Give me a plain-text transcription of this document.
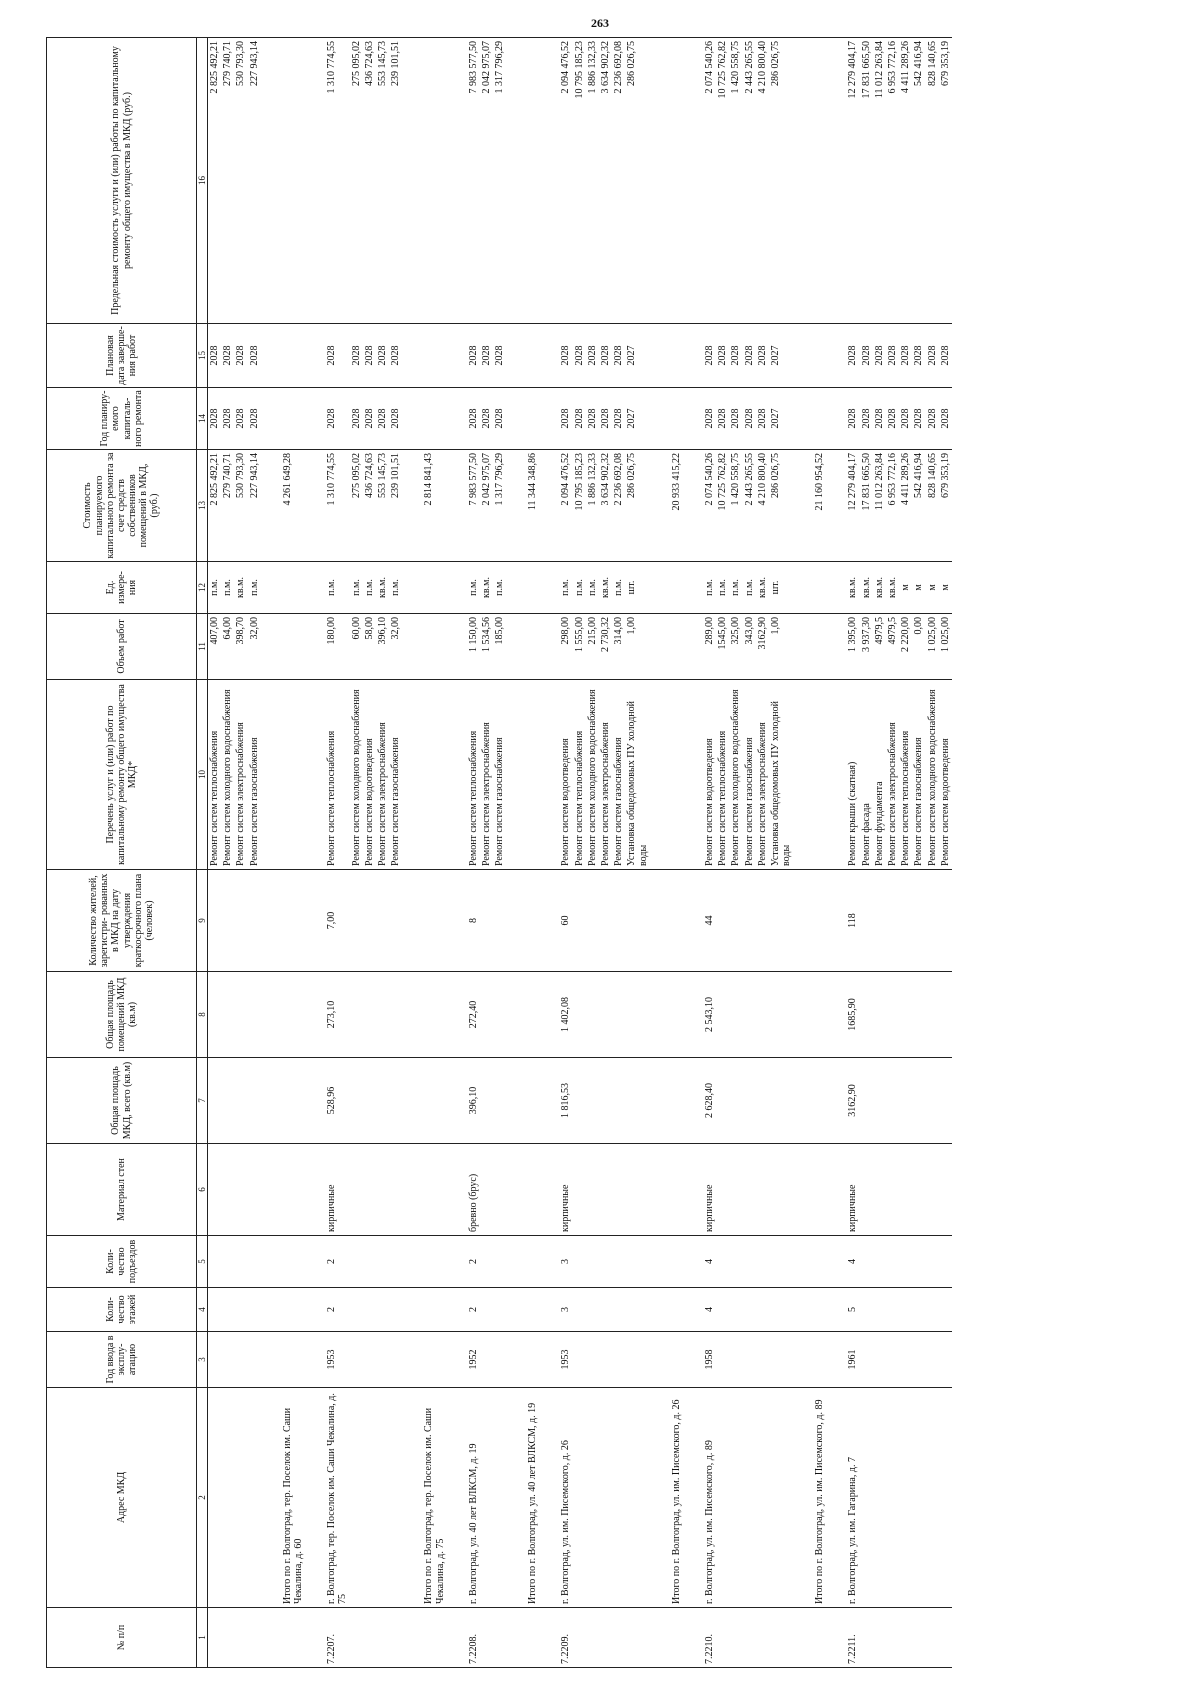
263
№ п/п	Адрес МКД	Год ввода в эксплу- атацию	Коли- чество этажей	Коли- чество подъездов	Материал стен	Общая площадь МКД, всего (кв.м)	Общая площадь помещений МКД (кв.м)	Количество жителей, зарегистри- рованных в МКД на дату утверждения краткосрочного плана (человек)	Перечень услуг и (или) работ по капитальному ремонту общего имущества МКД*	Объем работ	Ед. измере- ния	Стоимость планируемого капитального ремонта за счет средств собственников помещений в МКД, (руб.)	Год планиру- емого капиталь- ного ремонта	Плановая дата заверше- ния работ	Предельная стоимость услуги и (или) работы по капитальному ремонту общего имущества в МКД (руб.)
1	2	3	4	5	6	7	8	9	10	11	12	13	14	15	16
									Ремонт систем теплоснабжения	407,00	п.м.	2 825 492,21	2028	2028	2 825 492,21
									Ремонт систем холодного водоснабжения	64,00	п.м.	279 740,71	2028	2028	279 740,71
									Ремонт систем электроснабжения	398,70	кв.м.	530 793,30	2028	2028	530 793,30
									Ремонт систем газоснабжения	32,00	п.м.	227 943,14	2028	2028	227 943,14

	Итого по г. Волгоград, тер. Поселок им. Саши Чекалина, д. 60											4 261 649,28			

7.2207.	г. Волгоград, тер. Поселок им. Саши Чекалина, д. 75	1953	2	2	кирпичные	528,96	273,10	7,00	Ремонт систем теплоснабжения	180,00	п.м.	1 310 774,55	2028	2028	1 310 774,55
									Ремонт систем холодного водоснабжения	60,00	п.м.	275 095,02	2028	2028	275 095,02
									Ремонт систем водоотведения	58,00	п.м.	436 724,63	2028	2028	436 724,63
									Ремонт систем электроснабжения	396,10	кв.м.	553 145,73	2028	2028	553 145,73
									Ремонт систем газоснабжения	32,00	п.м.	239 101,51	2028	2028	239 101,51

	Итого по г. Волгоград, тер. Поселок им. Саши Чекалина, д. 75											2 814 841,43			

7.2208.	г. Волгоград, ул. 40 лет ВЛКСМ, д. 19	1952	2	2	бревно (брус)	396,10	272,40	8	Ремонт систем теплоснабжения	1 150,00	п.м.	7 983 577,50	2028	2028	7 983 577,50
									Ремонт систем электроснабжения	1 534,56	кв.м.	2 042 975,07	2028	2028	2 042 975,07
									Ремонт систем газоснабжения	185,00	п.м.	1 317 796,29	2028	2028	1 317 796,29

	Итого по г. Волгоград, ул. 40 лет ВЛКСМ, д. 19											11 344 348,86			

7.2209.	г. Волгоград, ул. им. Писемского, д. 26	1953	3	3	кирпичные	1 816,53	1 402,08	60	Ремонт систем водоотведения	298,00	п.м.	2 094 476,52	2028	2028	2 094 476,52
									Ремонт систем теплоснабжения	1 555,00	п.м.	10 795 185,23	2028	2028	10 795 185,23
									Ремонт систем холодного водоснабжения	215,00	п.м.	1 886 132,33	2028	2028	1 886 132,33
									Ремонт систем электроснабжения	2 730,32	кв.м.	3 634 902,32	2028	2028	3 634 902,32
									Ремонт систем газоснабжения	314,00	п.м.	2 236 692,08	2028	2028	2 236 692,08
									Установка общедомовых ПУ холодной воды	1,00	шт.	286 026,75	2027	2027	286 026,75

	Итого по г. Волгоград, ул. им. Писемского, д. 26											20 933 415,22			

7.2210.	г. Волгоград, ул. им. Писемского, д. 89	1958	4	4	кирпичные	2 628,40	2 543,10	44	Ремонт систем водоотведения	289,00	п.м.	2 074 540,26	2028	2028	2 074 540,26
									Ремонт систем теплоснабжения	1545,00	п.м.	10 725 762,82	2028	2028	10 725 762,82
									Ремонт систем холодного водоснабжения	325,00	п.м.	1 420 558,75	2028	2028	1 420 558,75
									Ремонт систем газоснабжения	343,00	п.м.	2 443 265,55	2028	2028	2 443 265,55
									Ремонт систем электроснабжения	3162,90	кв.м.	4 210 800,40	2028	2028	4 210 800,40
									Установка общедомовых ПУ холодной воды	1,00	шт.	286 026,75	2027	2027	286 026,75

	Итого по г. Волгоград, ул. им. Писемского, д. 89											21 160 954,52			

7.2211.	г. Волгоград, ул. им. Гагарина, д. 7	1961	5	4	кирпичные	3162,90	1685,90	118	Ремонт крыши (скатная)	1 395,00	кв.м.	12 279 404,17	2028	2028	12 279 404,17
									Ремонт фасада	3 937,30	кв.м.	17 831 665,50	2028	2028	17 831 665,50
									Ремонт фундамента	4979,5	кв.м.	11 012 263,84	2028	2028	11 012 263,84
									Ремонт систем электроснабжения	4979,5	кв.м.	6 953 772,16	2028	2028	6 953 772,16
									Ремонт систем теплоснабжения	2 220,00	м	4 411 289,26	2028	2028	4 411 289,26
									Ремонт систем газоснабжения	0,00	м	542 416,94	2028	2028	542 416,94
									Ремонт систем холодного водоснабжения	1 025,00	м	828 140,65	2028	2028	828 140,65
									Ремонт систем водоотведения	1 025,00	м	679 353,19	2028	2028	679 353,19
